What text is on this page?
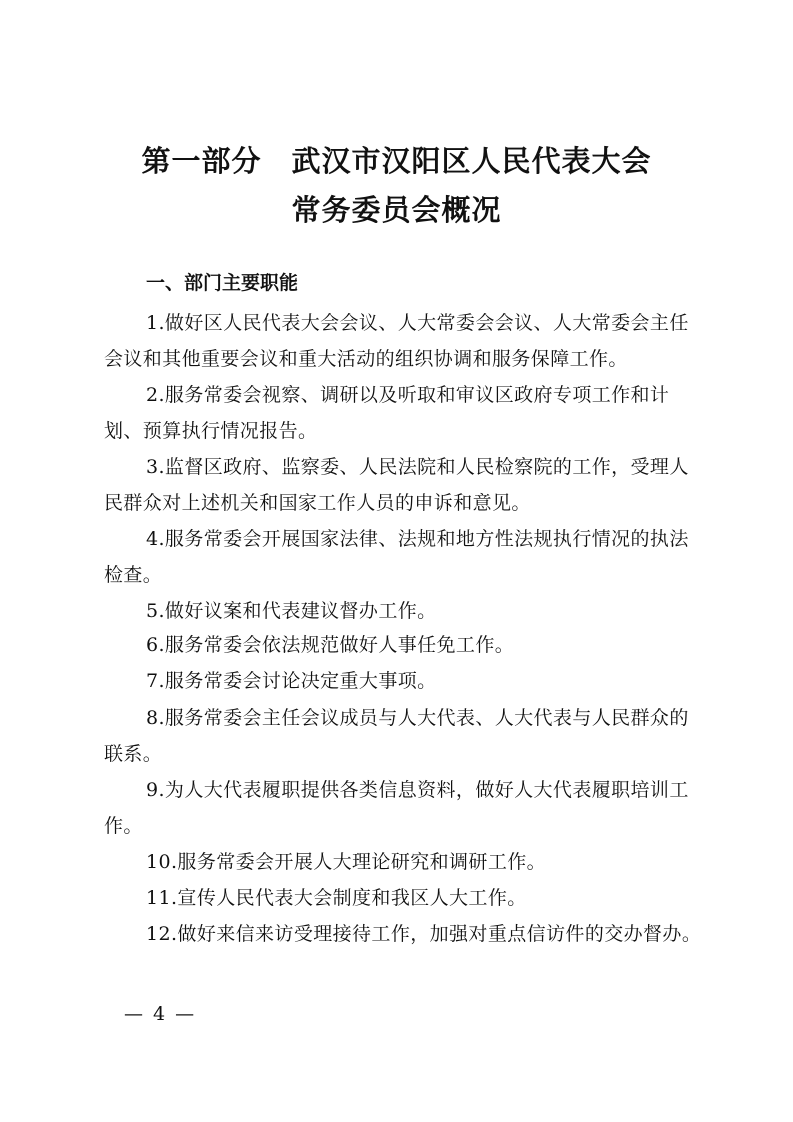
第一部分　武汉市汉阳区人民代表大会
常务委员会概况
一、部门主要职能
1.做好区人民代表大会会议、人大常委会会议、人大常委会主任会议和其他重要会议和重大活动的组织协调和服务保障工作。
2.服务常委会视察、调研以及听取和审议区政府专项工作和计划、预算执行情况报告。
3.监督区政府、监察委、人民法院和人民检察院的工作，受理人民群众对上述机关和国家工作人员的申诉和意见。
4.服务常委会开展国家法律、法规和地方性法规执行情况的执法检查。
5.做好议案和代表建议督办工作。
6.服务常委会依法规范做好人事任免工作。
7.服务常委会讨论决定重大事项。
8.服务常委会主任会议成员与人大代表、人大代表与人民群众的联系。
9.为人大代表履职提供各类信息资料，做好人大代表履职培训工作。
10.服务常委会开展人大理论研究和调研工作。
11.宣传人民代表大会制度和我区人大工作。
12.做好来信来访受理接待工作，加强对重点信访件的交办督办。
— 4 —
